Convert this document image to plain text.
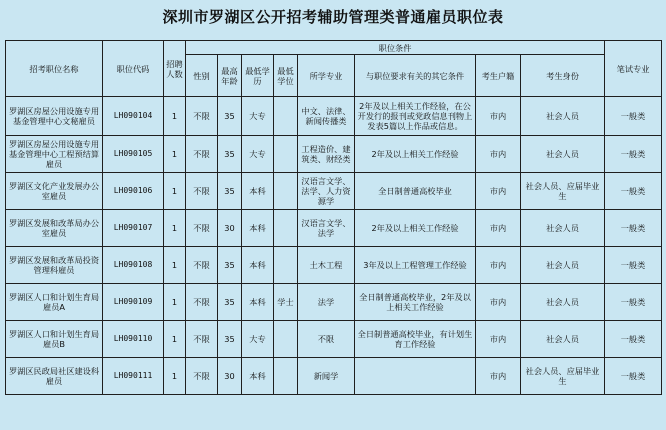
深圳市罗湖区公开招考辅助管理类普通雇员职位表
招考职位名称	职位代码	招聘人数	职位条件								笔试专业
			性别	最高年龄	最低学历	最低学位	所学专业	与职位要求有关的其它条件	考生户籍	考生身份	
罗湖区房屋公用设施专用基金管理中心文秘雇员	LH090104	1	不限	35	大专		中文、法律、新闻传播类	2年及以上相关工作经验，在公开发行的报刊或党政信息刊物上发表5篇以上作品或信息。	市内	社会人员	一般类
罗湖区房屋公用设施专用基金管理中心工程预结算雇员	LH090105	1	不限	35	大专		工程造价、建筑类、财经类	2年及以上相关工作经验	市内	社会人员	一般类
罗湖区文化产业发展办公室雇员	LH090106	1	不限	35	本科		汉语言文学、法学、人力资源学	全日制普通高校毕业	市内	社会人员、应届毕业生	一般类
罗湖区发展和改革局办公室雇员	LH090107	1	不限	30	本科		汉语言文学、法学	2年及以上相关工作经验	市内	社会人员	一般类
罗湖区发展和改革局投资管理科雇员	LH090108	1	不限	35	本科		土木工程	3年及以上工程管理工作经验	市内	社会人员	一般类
罗湖区人口和计划生育局雇员A	LH090109	1	不限	35	本科	学士	法学	全日制普通高校毕业，2年及以上相关工作经验	市内	社会人员	一般类
罗湖区人口和计划生育局雇员B	LH090110	1	不限	35	大专		不限	全日制普通高校毕业，有计划生育工作经验	市内	社会人员	一般类
罗湖区民政局社区建设科雇员	LH090111	1	不限	30	本科		新闻学		市内	社会人员、应届毕业生	一般类
